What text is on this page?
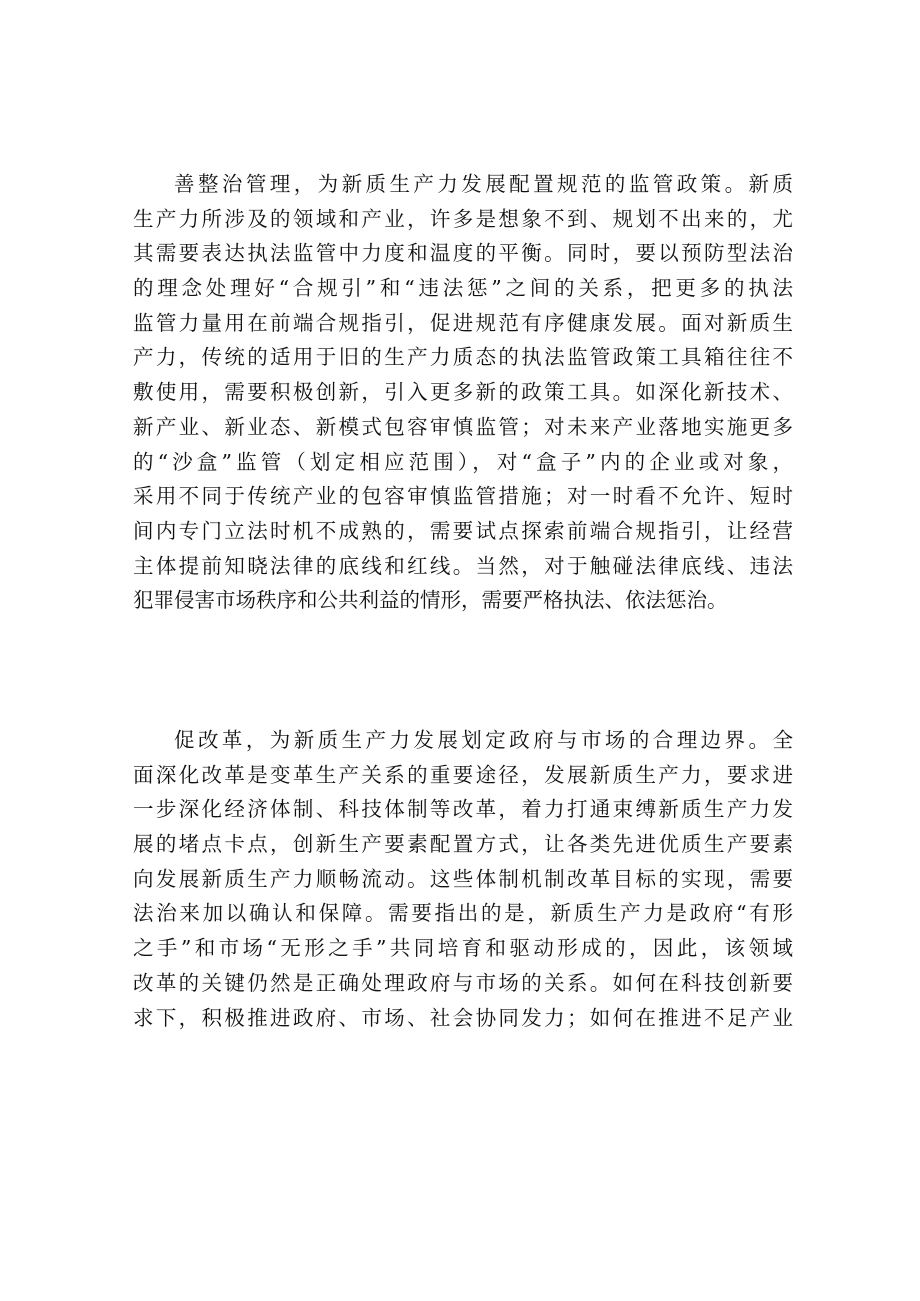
善整治管理，为新质生产力发展配置规范的监管政策。新质
生产力所涉及的领域和产业，许多是想象不到、规划不出来的，尤
其需要表达执法监管中力度和温度的平衡。同时，要以预防型法治
的理念处理好“合规引”和“违法惩”之间的关系，把更多的执法
监管力量用在前端合规指引，促进规范有序健康发展。面对新质生
产力，传统的适用于旧的生产力质态的执法监管政策工具箱往往不
敷使用，需要积极创新，引入更多新的政策工具。如深化新技术、
新产业、新业态、新模式包容审慎监管；对未来产业落地实施更多
的“沙盒”监管（划定相应范围），对“盒子”内的企业或对象，
采用不同于传统产业的包容审慎监管措施；对一时看不允许、短时
间内专门立法时机不成熟的，需要试点探索前端合规指引，让经营
主体提前知晓法律的底线和红线。当然，对于触碰法律底线、违法
犯罪侵害市场秩序和公共利益的情形，需要严格执法、依法惩治。
促改革，为新质生产力发展划定政府与市场的合理边界。全
面深化改革是变革生产关系的重要途径，发展新质生产力，要求进
一步深化经济体制、科技体制等改革，着力打通束缚新质生产力发
展的堵点卡点，创新生产要素配置方式，让各类先进优质生产要素
向发展新质生产力顺畅流动。这些体制机制改革目标的实现，需要
法治来加以确认和保障。需要指出的是，新质生产力是政府“有形
之手”和市场“无形之手”共同培育和驱动形成的，因此，该领域
改革的关键仍然是正确处理政府与市场的关系。如何在科技创新要
求下，积极推进政府、市场、社会协同发力；如何在推进不足产业
